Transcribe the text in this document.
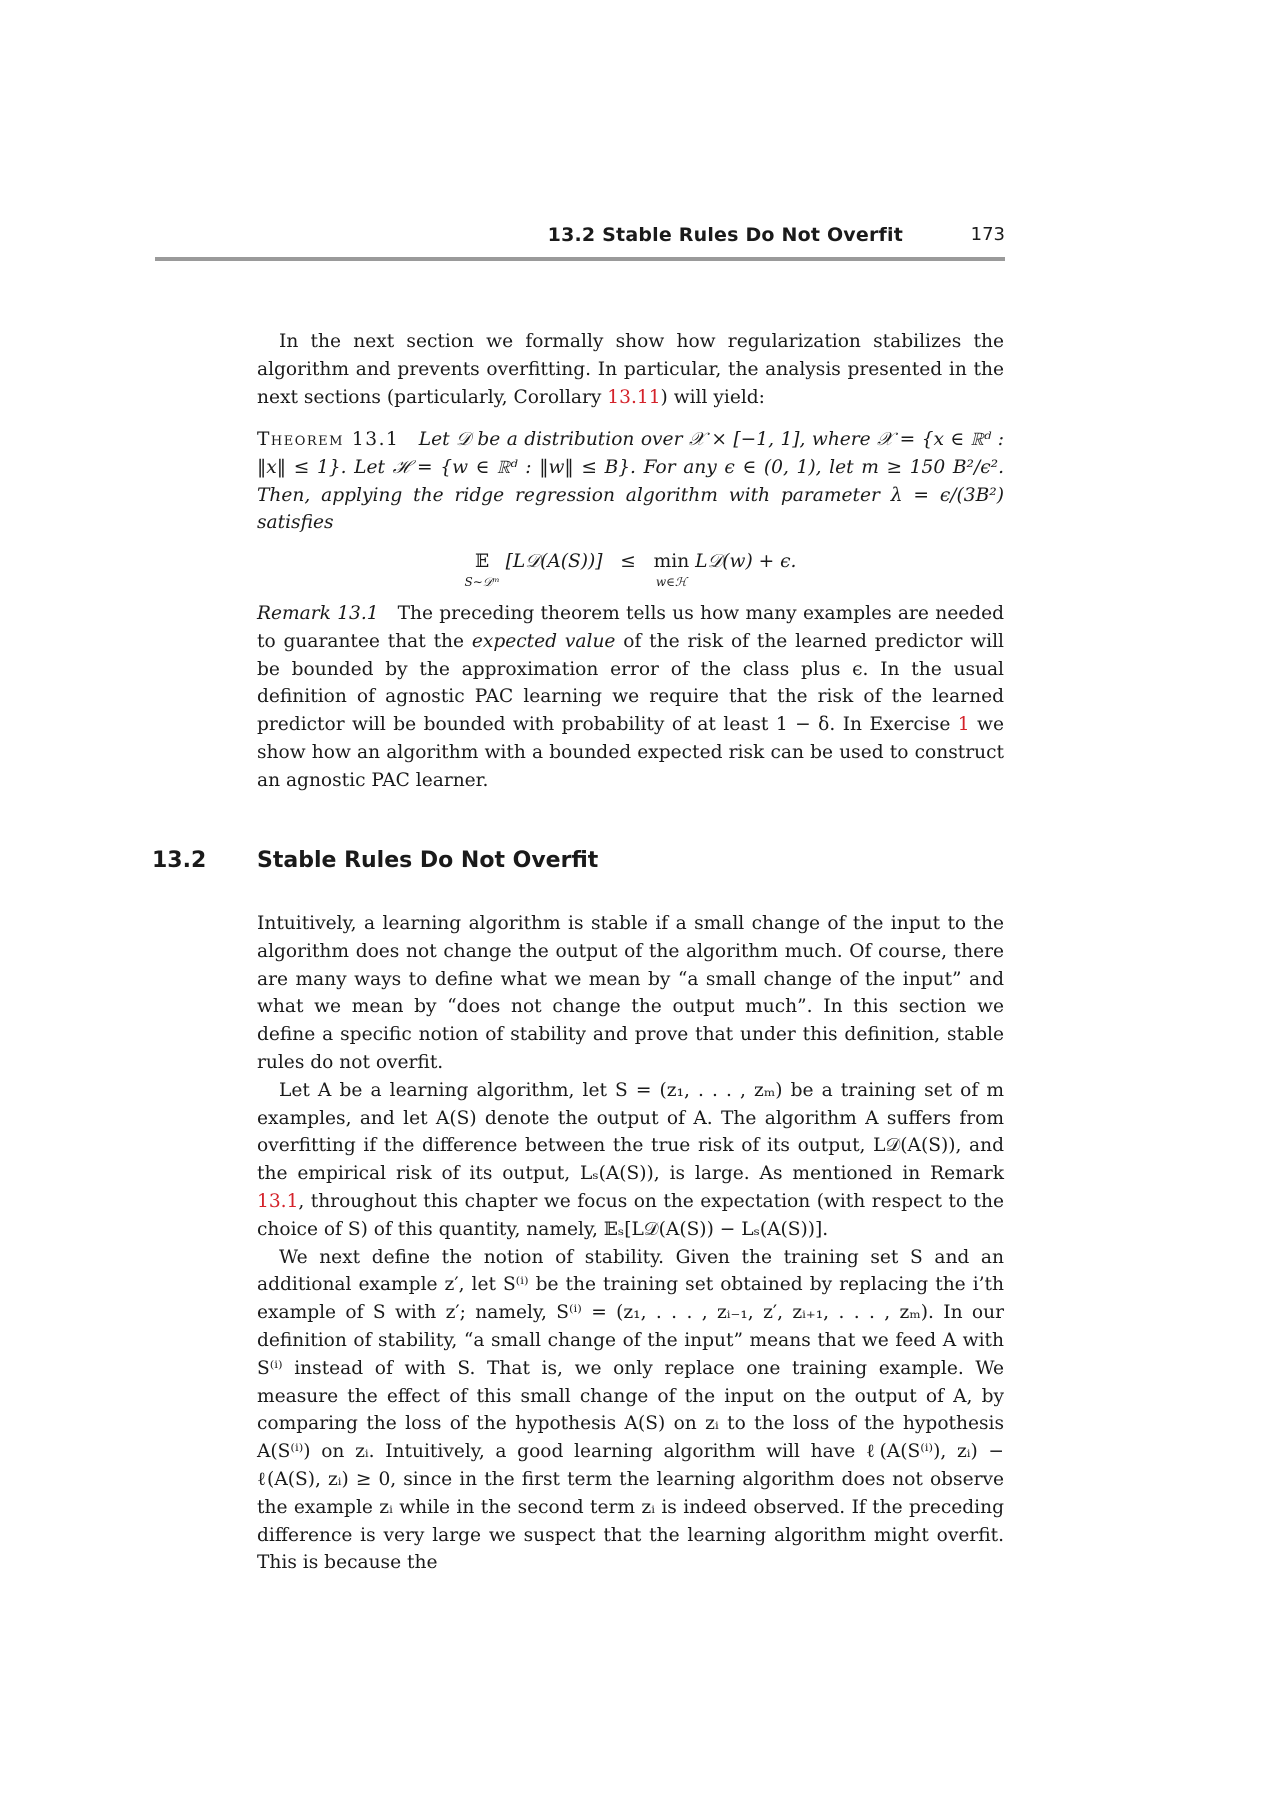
13.2 Stable Rules Do Not Overfit	173

In the next section we formally show how regularization stabilizes the algorithm and prevents overfitting. In particular, the analysis presented in the next sections (particularly, Corollary 13.11) will yield:

Theorem 13.1 Let 𝒟 be a distribution over 𝒳 × [−1, 1], where 𝒳 = {x ∈ ℝᵈ : ‖x‖ ≤ 1}. Let ℋ = {w ∈ ℝᵈ : ‖w‖ ≤ B}. For any ϵ ∈ (0, 1), let m ≥ 150 B²/ϵ². Then, applying the ridge regression algorithm with parameter λ = ϵ/(3B²) satisfies

𝔼
S∼𝒟ᵐ
[L𝒟(A(S))] ≤ min
w∈ℋ
L𝒟(w) + ϵ.

Remark 13.1 The preceding theorem tells us how many examples are needed to guarantee that the expected value of the risk of the learned predictor will be bounded by the approximation error of the class plus ϵ. In the usual definition of agnostic PAC learning we require that the risk of the learned predictor will be bounded with probability of at least 1 − δ. In Exercise 1 we show how an algorithm with a bounded expected risk can be used to construct an agnostic PAC learner.

13.2 Stable Rules Do Not Overfit

Intuitively, a learning algorithm is stable if a small change of the input to the algorithm does not change the output of the algorithm much. Of course, there are many ways to define what we mean by “a small change of the input” and what we mean by “does not change the output much”. In this section we define a specific notion of stability and prove that under this definition, stable rules do not overfit.

Let A be a learning algorithm, let S = (z₁, . . . , zₘ) be a training set of m examples, and let A(S) denote the output of A. The algorithm A suffers from overfitting if the difference between the true risk of its output, L𝒟(A(S)), and the empirical risk of its output, Lₛ(A(S)), is large. As mentioned in Remark 13.1, throughout this chapter we focus on the expectation (with respect to the choice of S) of this quantity, namely, 𝔼ₛ[L𝒟(A(S)) − Lₛ(A(S))].

We next define the notion of stability. Given the training set S and an additional example z′, let S⁽ⁱ⁾ be the training set obtained by replacing the i’th example of S with z′; namely, S⁽ⁱ⁾ = (z₁, . . . , zᵢ₋₁, z′, zᵢ₊₁, . . . , zₘ). In our definition of stability, “a small change of the input” means that we feed A with S⁽ⁱ⁾ instead of with S. That is, we only replace one training example. We measure the effect of this small change of the input on the output of A, by comparing the loss of the hypothesis A(S) on zᵢ to the loss of the hypothesis A(S⁽ⁱ⁾) on zᵢ. Intuitively, a good learning algorithm will have ℓ(A(S⁽ⁱ⁾), zᵢ) − ℓ(A(S), zᵢ) ≥ 0, since in the first term the learning algorithm does not observe the example zᵢ while in the second term zᵢ is indeed observed. If the preceding difference is very large we suspect that the learning algorithm might overfit. This is because the
